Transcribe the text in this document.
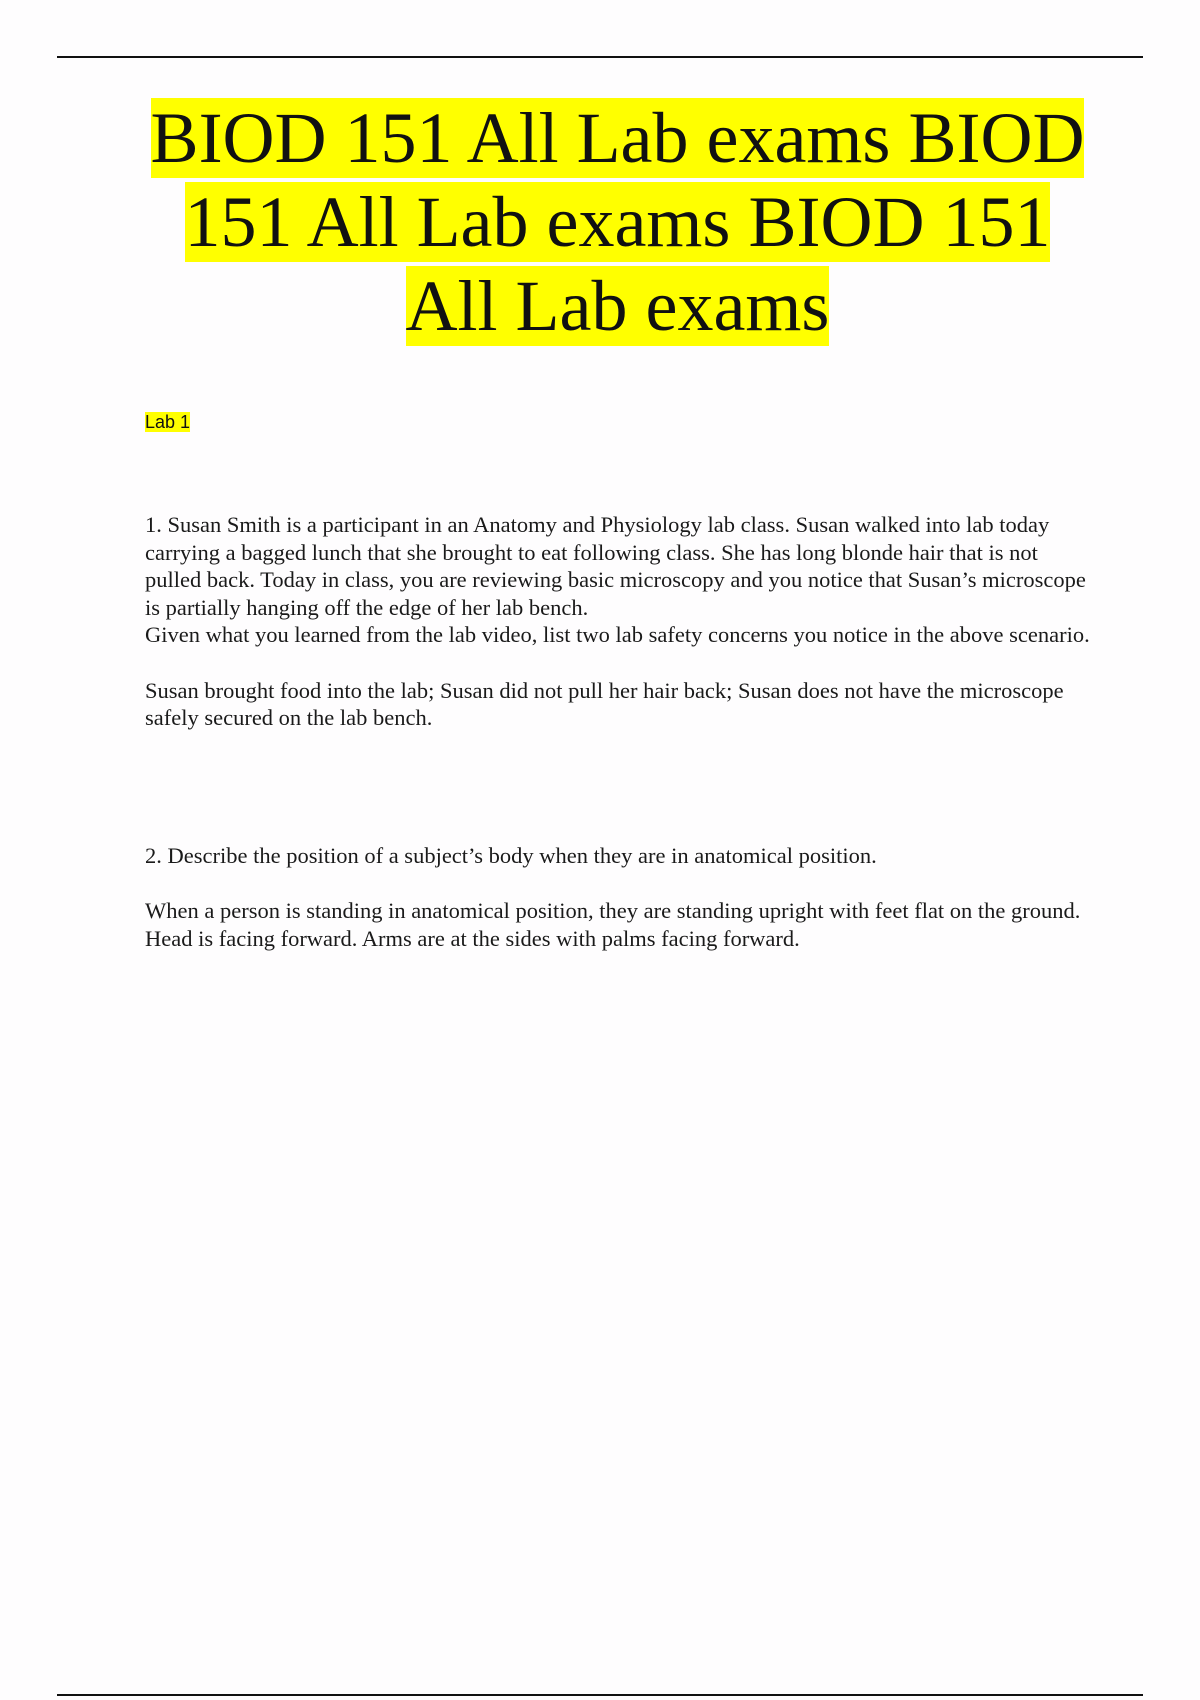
BIOD 151 All Lab exams BIOD 151 All Lab exams BIOD 151 All Lab exams

Lab 1

1. Susan Smith is a participant in an Anatomy and Physiology lab class. Susan walked into lab today carrying a bagged lunch that she brought to eat following class. She has long blonde hair that is not pulled back. Today in class, you are reviewing basic microscopy and you notice that Susan’s microscope is partially hanging off the edge of her lab bench.

Given what you learned from the lab video, list two lab safety concerns you notice in the above scenario.

Susan brought food into the lab; Susan did not pull her hair back; Susan does not have the microscope safely secured on the lab bench.

2. Describe the position of a subject’s body when they are in anatomical position.

When a person is standing in anatomical position, they are standing upright with feet flat on the ground. Head is facing forward. Arms are at the sides with palms facing forward.
